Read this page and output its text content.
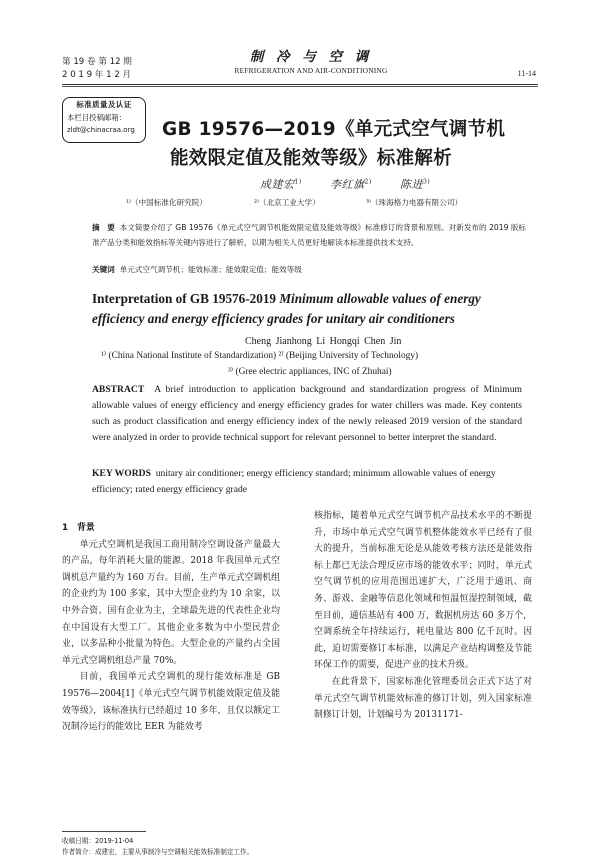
第 19 卷 第 12 期
2 0 1 9 年 1 2 月
制 冷 与 空 调
REFRIGERATION AND AIR-CONDITIONING	11-14
标准质量及认证
本栏目投稿邮箱：
zldt@chinacraa.org	GB 19576—2019《单元式空气调节机
能效限定值及能效等级》标准解析
成建宏$^{1)}$	李红旗$^{2)}$	陈进$^{3)}$
¹⁾（中国标准化研究院）	²⁾（北京工业大学）	³⁾（珠海格力电器有限公司）
摘　要 本文简要介绍了 GB 19576《单元式空气调节机能效限定值及能效等级》标准修订的背景和原则。对新发布的 2019 版标准产品分类和能效指标等关键内容进行了解析，以期为相关人员更好地解读本标准提供技术支持。
关键词 单元式空气调节机；能效标准；能效限定值；能效等级
Interpretation of GB 19576-2019 Minimum allowable values of energy efficiency and energy efficiency grades for unitary air conditioners
Cheng Jianhong Li Hongqi Chen Jin
¹⁾ (China National Institute of Standardization) ²⁾ (Beijing University of Technology)
³⁾ (Gree electric appliances, INC of Zhuhai)
ABSTRACT A brief introduction to application background and standardization progress of Minimum allowable values of energy efficiency and energy efficiency grades for water chillers was made. Key contents such as product classification and energy efficiency index of the newly released 2019 version of the standard were analyzed in order to provide technical support for relevant personnel to better interpret the standard.
KEY WORDS unitary air conditioner; energy efficiency standard; minimum allowable values of energy efficiency; rated energy efficiency grade
1　背景

单元式空调机是我国工商用制冷空调设备产量最大的产品，每年消耗大量的能源。2018 年我国单元式空调机总产量约为 160 万台。目前，生产单元式空调机组的企业约为 100 多家，其中大型企业约为 10 余家，以中外合资、国有企业为主，全球最先进的代表性企业均在中国设有大型工厂。其他企业多数为中小型民营企业，以多品种小批量为特色。大型企业的产量约占全国单元式空调机组总产量 70%。

目前，我国单元式空调机的现行能效标准是 GB 19576—2004[1]《单元式空气调节机能效限定值及能效等级》，该标准执行已经超过 10 多年，且仅以额定工况制冷运行的能效比 EER 为能效考

核指标，随着单元式空气调节机产品技术水平的不断提升，市场中单元式空气调节机整体能效水平已经有了很大的提升，当前标准无论是从能效考核方法还是能效指标上都已无法合理反应市场的能效水平；同时，单元式空气调节机的应用范围迅速扩大，广泛用于通讯、商务、游戏、金融等信息化领域和恒温恒湿控制领域，截至目前，通信基站有 400 万，数据机房达 60 多万个，空调系统全年持续运行，耗电量达 800 亿千瓦时。因此，迫切需要修订本标准，以满足产业结构调整及节能环保工作的需要，促进产业的技术升级。

在此背景下，国家标准化管理委员会正式下达了对单元式空气调节机能效标准的修订计划，列入国家标准制修订计划，计划编号为 20131171-

收稿日期：2019-11-04
作者简介：成建宏，主要从事制冷与空调相关能效标准制定工作。
